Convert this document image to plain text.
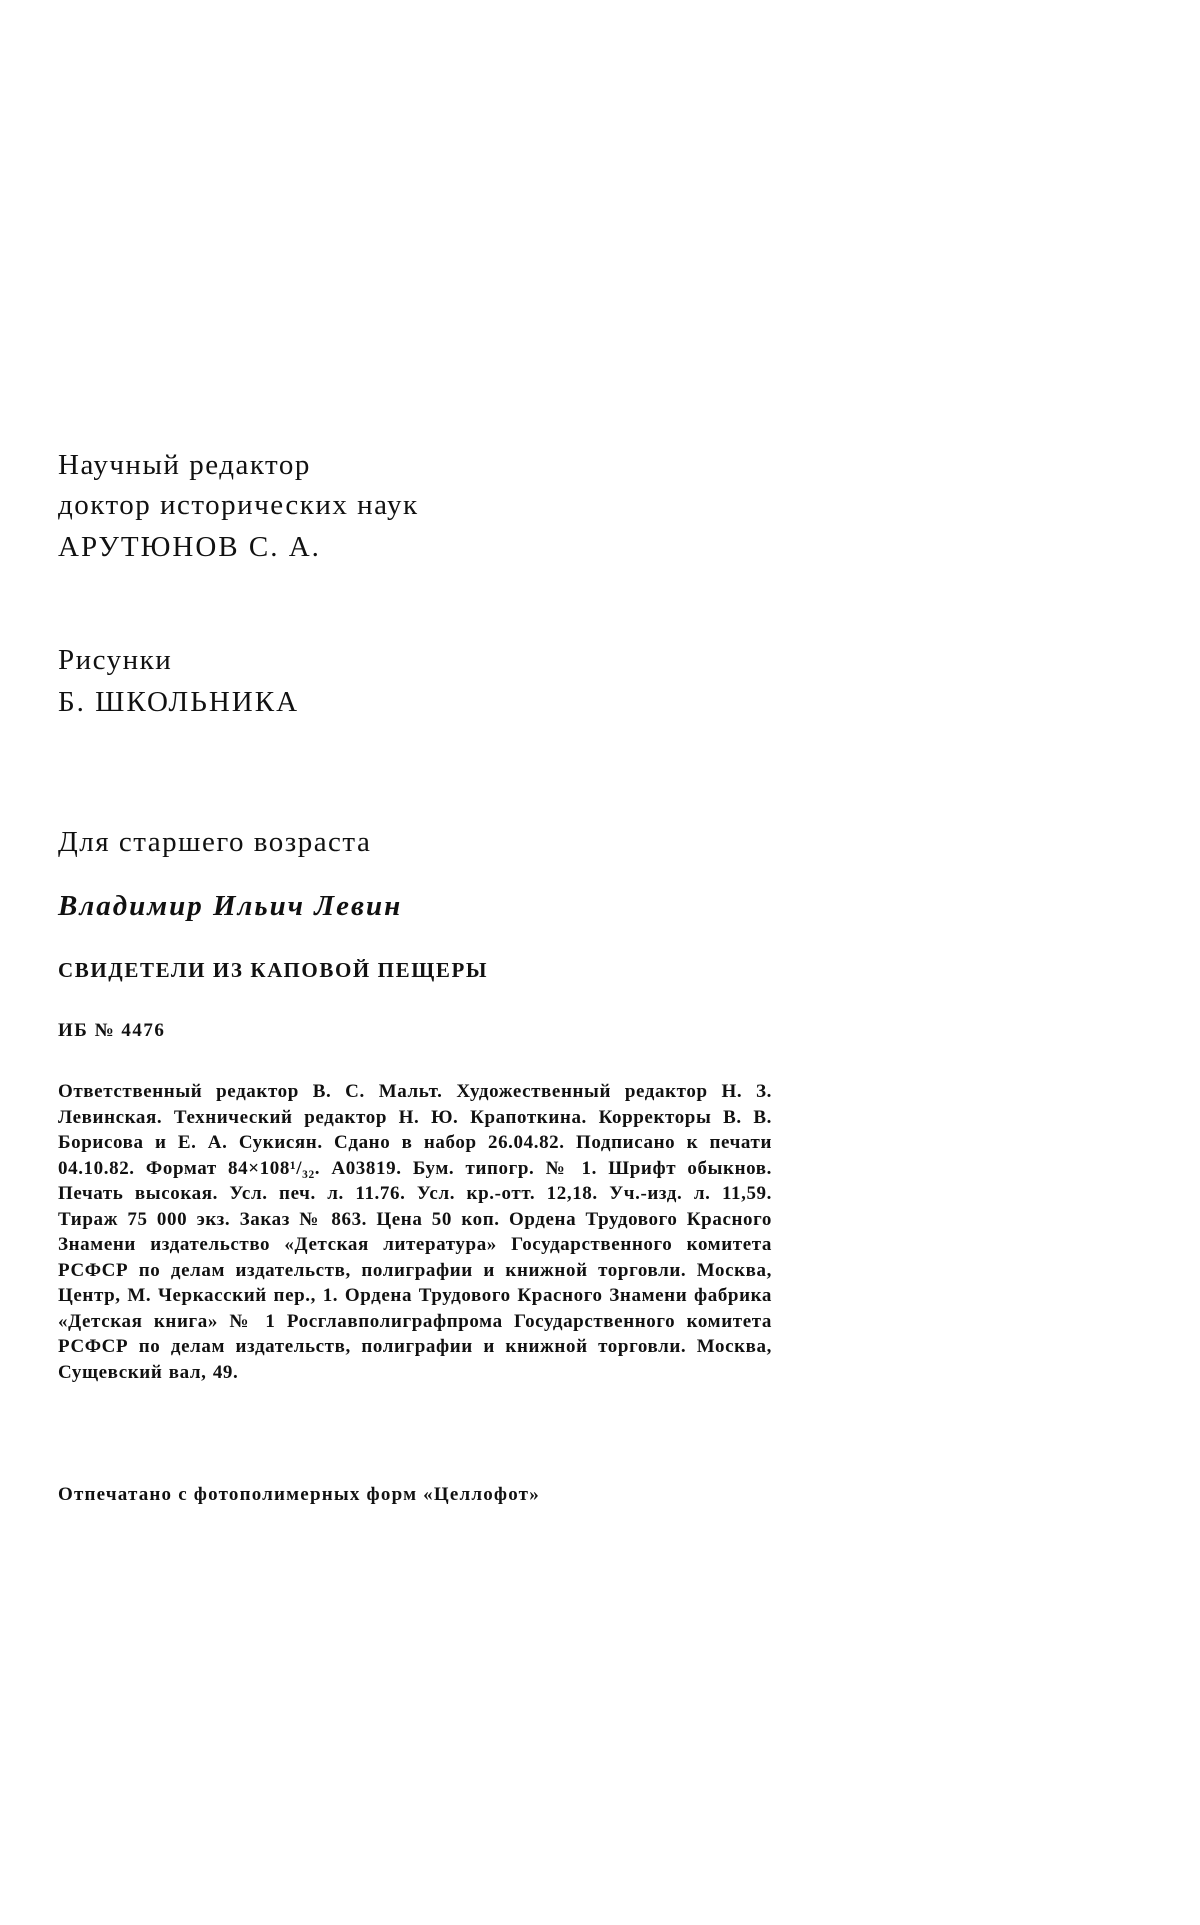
Научный редактор
доктор исторических наук
АРУТЮНОВ С. А.
Рисунки
Б. ШКОЛЬНИКА
Для старшего возраста
Владимир Ильич Левин
СВИДЕТЕЛИ ИЗ КАПОВОЙ ПЕЩЕРЫ
ИБ № 4476
Ответственный редактор В. С. Мальт. Художественный редактор Н. З. Левинская. Технический редактор Н. Ю. Крапоткина. Корректоры В. В. Борисова и Е. А. Сукисян. Сдано в набор 26.04.82. Подписано к печати 04.10.82. Формат 84×108¹/₃₂. А03819. Бум. типогр. № 1. Шрифт обыкнов. Печать высокая. Усл. печ. л. 11.76. Усл. кр.-отт. 12,18. Уч.-изд. л. 11,59. Тираж 75 000 экз. Заказ № 863. Цена 50 коп. Ордена Трудового Красного Знамени издательство «Детская литература» Государственного комитета РСФСР по делам издательств, полиграфии и книжной торговли. Москва, Центр, М. Черкасский пер., 1. Ордена Трудового Красного Знамени фабрика «Детская книга» № 1 Росглавполиграфпрома Государственного комитета РСФСР по делам издательств, полиграфии и книжной торговли. Москва, Сущевский вал, 49.
Отпечатано с фотополимерных форм «Целлофот»
